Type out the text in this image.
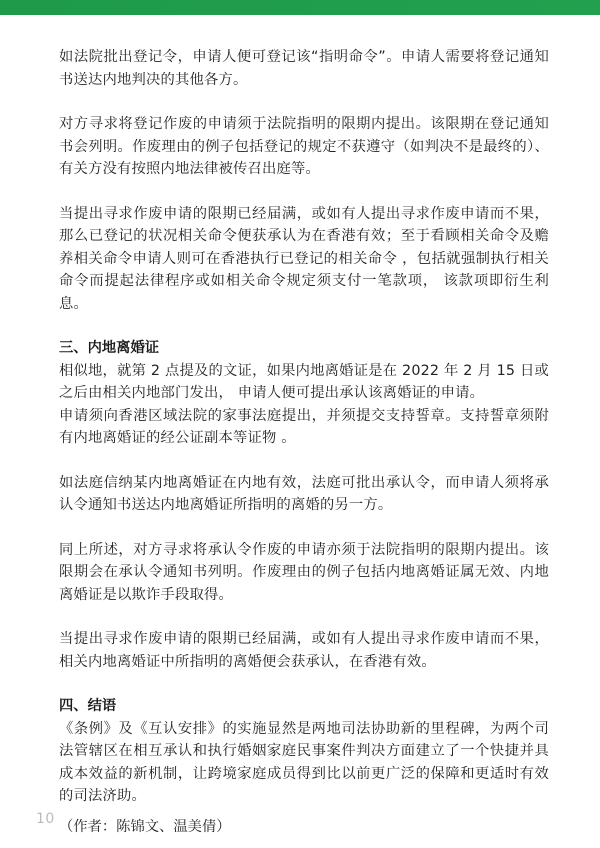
如法院批出登记令，申请人便可登记该“指明命令”。申请人需要将登记通知书送达内地判决的其他各方。

对方寻求将登记作废的申请须于法院指明的限期内提出。该限期在登记通知书会列明。作废理由的例子包括登记的规定不获遵守（如判决不是最终的）、有关方没有按照内地法律被传召出庭等。

当提出寻求作废申请的限期已经届满，或如有人提出寻求作废申请而不果，那么已登记的状况相关命令便获承认为在香港有效；至于看顾相关命令及赡养相关命令申请人则可在香港执行已登记的相关命令 ，包括就强制执行相关命令而提起法律程序或如相关命令规定须支付一笔款项， 该款项即衍生利息。

三、内地离婚证

相似地，就第 2 点提及的文证，如果内地离婚证是在 2022 年 2 月 15 日或之后由相关内地部门发出， 申请人便可提出承认该离婚证的申请。

申请须向香港区域法院的家事法庭提出，并须提交支持誓章。支持誓章须附有内地离婚证的经公证副本等证物 。

如法庭信纳某内地离婚证在内地有效，法庭可批出承认令，而申请人须将承认令通知书送达内地离婚证所指明的离婚的另一方。

同上所述，对方寻求将承认令作废的申请亦须于法院指明的限期内提出。该限期会在承认令通知书列明。作废理由的例子包括内地离婚证属无效、内地离婚证是以欺诈手段取得。

当提出寻求作废申请的限期已经届满，或如有人提出寻求作废申请而不果，相关内地离婚证中所指明的离婚便会获承认，在香港有效。

四、结语

《条例》及《互认安排》的实施显然是两地司法协助新的里程碑，为两个司法管辖区在相互承认和执行婚姻家庭民事案件判决方面建立了一个快捷并具成本效益的新机制，让跨境家庭成员得到比以前更广泛的保障和更适时有效的司法济助。

（作者：陈锦文、温美倩）

10
